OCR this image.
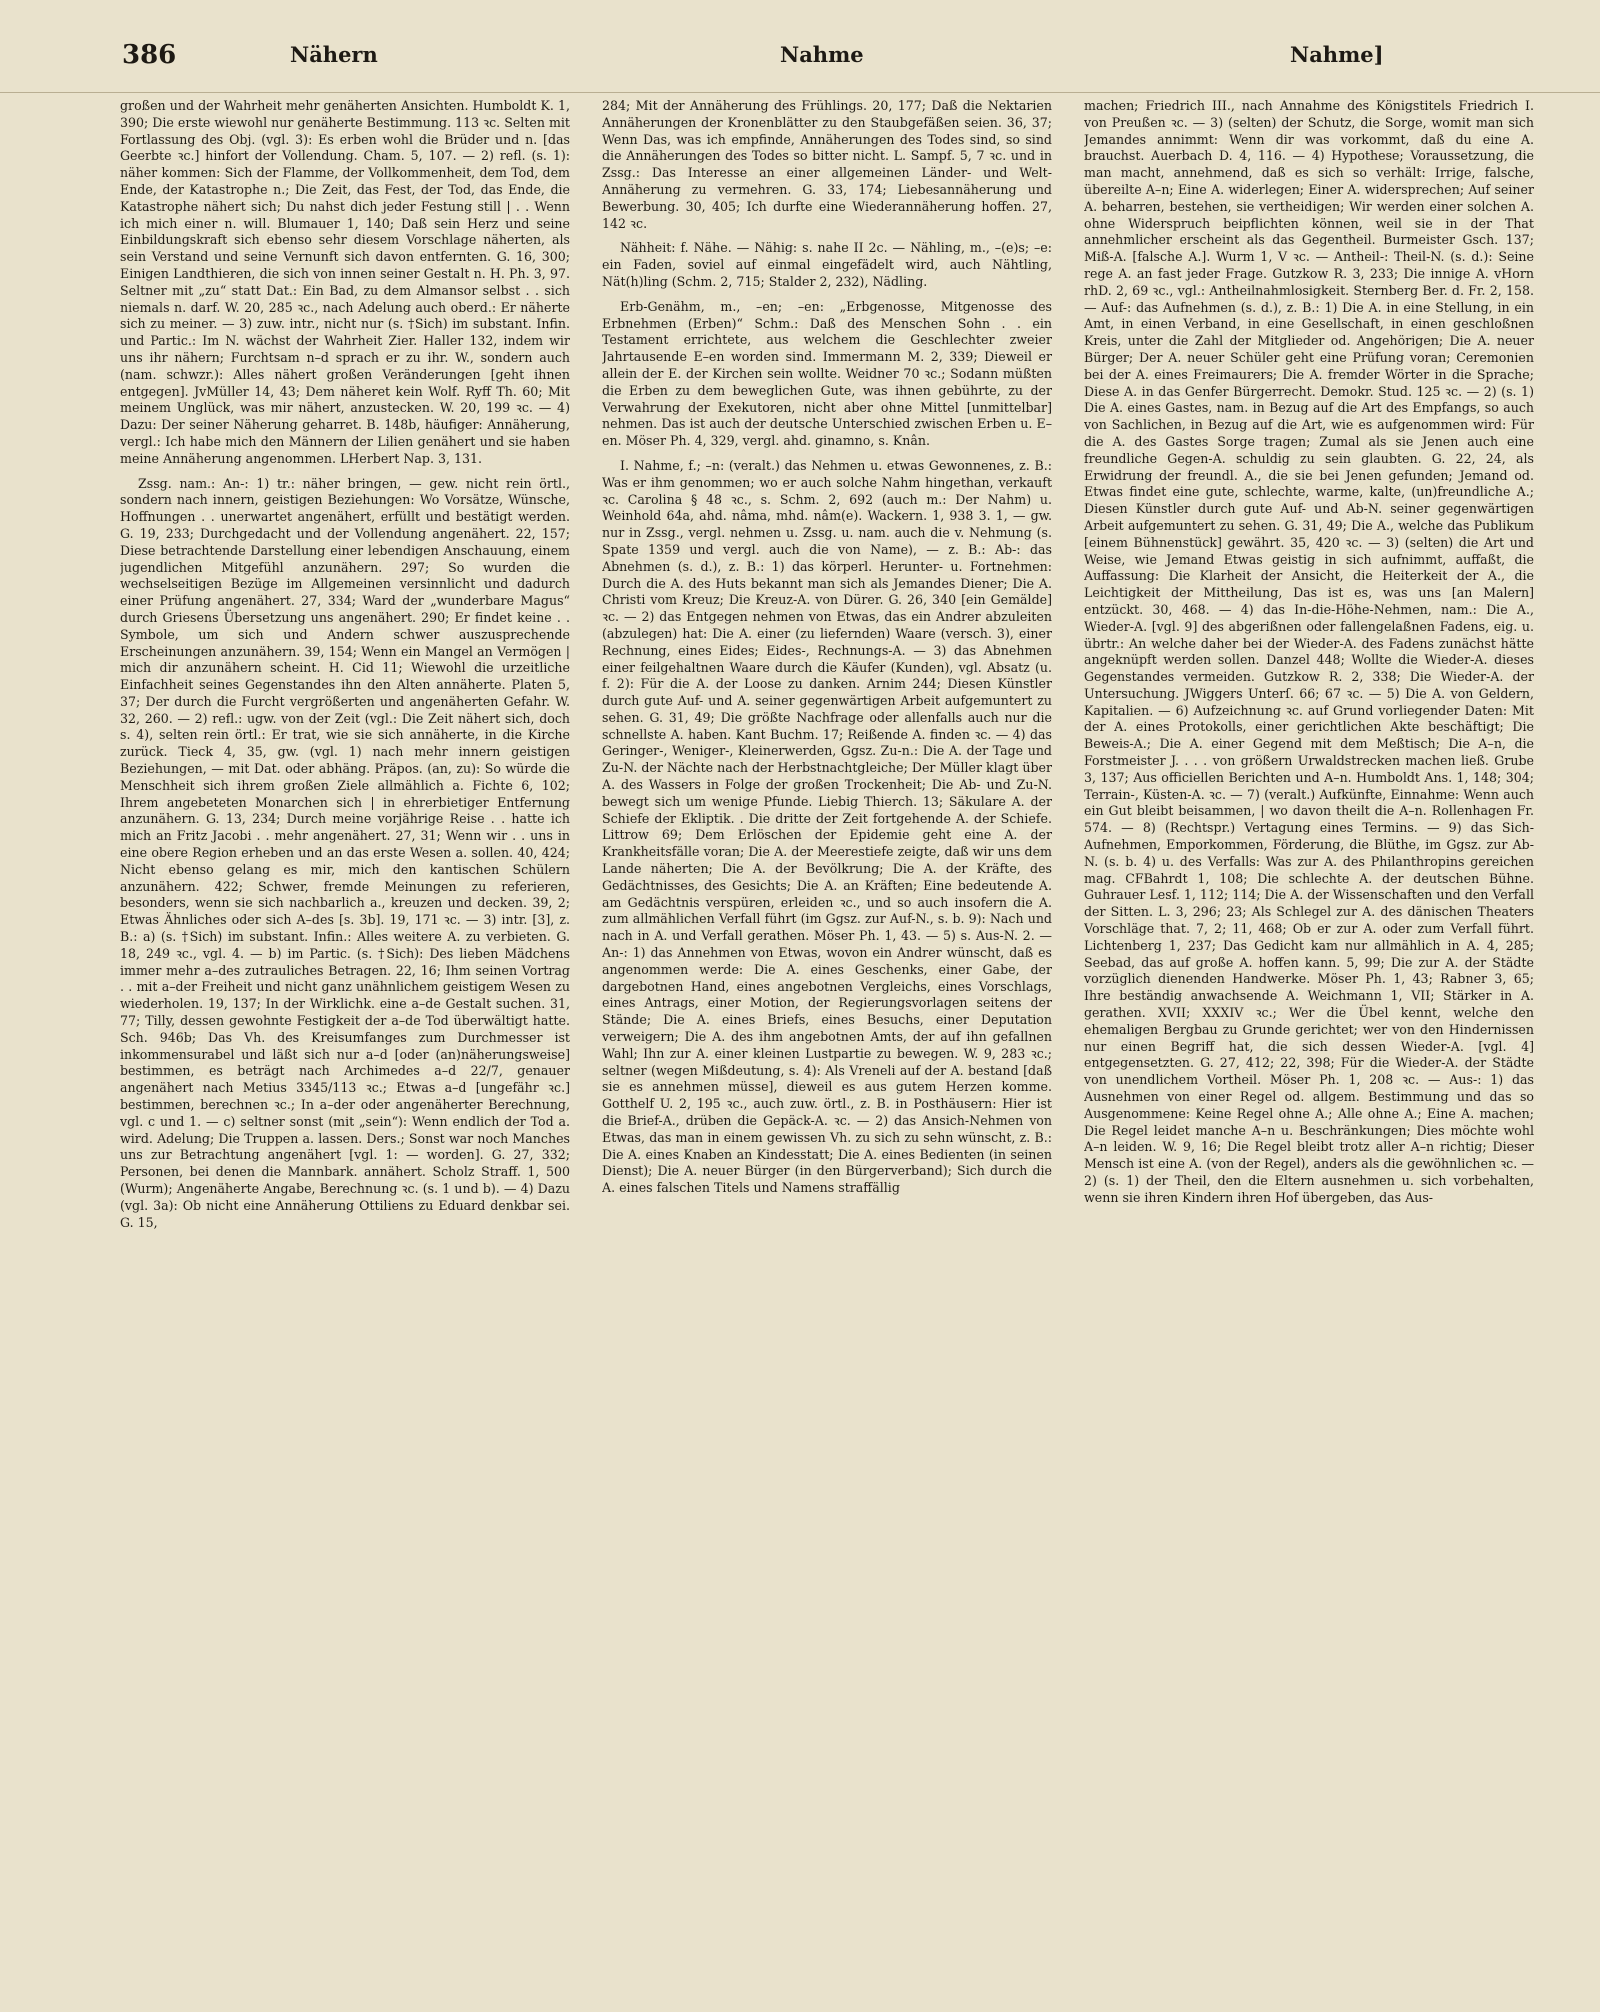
386	Nähern	Nahme	Nahme]

großen und der Wahrheit mehr genäherten Ansichten. Humboldt K. 1, 390; Die erste wiewohl nur genäherte Bestimmung. 113 ꝛc. Selten mit Fortlassung des Obj. (vgl. 3): Es erben wohl die Brüder und n. [das Geerbte ꝛc.] hinfort der Vollendung. Cham. 5, 107. — 2) refl. (s. 1): näher kommen: Sich der Flamme, der Vollkommenheit, dem Tod, dem Ende, der Katastrophe n.; Die Zeit, das Fest, der Tod, das Ende, die Katastrophe nähert sich; Du nahst dich jeder Festung still | . . Wenn ich mich einer n. will. Blumauer 1, 140; Daß sein Herz und seine Einbildungskraft sich ebenso sehr diesem Vorschlage näherten, als sein Verstand und seine Vernunft sich davon entfernten. G. 16, 300; Einigen Landthieren, die sich von innen seiner Gestalt n. H. Ph. 3, 97. Seltner mit „zu“ statt Dat.: Ein Bad, zu dem Almansor selbst . . sich niemals n. darf. W. 20, 285 ꝛc., nach Adelung auch oberd.: Er näherte sich zu meiner. — 3) zuw. intr., nicht nur (s. †Sich) im substant. Infin. und Partic.: Im N. wächst der Wahrheit Zier. Haller 132, indem wir uns ihr nähern; Furchtsam n–d sprach er zu ihr. W., sondern auch (nam. schwzr.): Alles nähert großen Veränderungen [geht ihnen entgegen]. JvMüller 14, 43; Dem näheret kein Wolf. Ryff Th. 60; Mit meinem Unglück, was mir nähert, anzustecken. W. 20, 199 ꝛc. — 4) Dazu: Der seiner Näherung geharret. B. 148b, häufiger: Annäherung, vergl.: Ich habe mich den Männern der Lilien genähert und sie haben meine Annäherung angenommen. LHerbert Nap. 3, 131.

Zssg. nam.: An-: 1) tr.: näher bringen, — gew. nicht rein örtl., sondern nach innern, geistigen Beziehungen: Wo Vorsätze, Wünsche, Hoffnungen . . unerwartet angenähert, erfüllt und bestätigt werden. G. 19, 233; Durchgedacht und der Vollendung angenähert. 22, 157; Diese betrachtende Darstellung einer lebendigen Anschauung, einem jugendlichen Mitgefühl anzunähern. 297; So wurden die wechselseitigen Bezüge im Allgemeinen versinnlicht und dadurch einer Prüfung angenähert. 27, 334; Ward der „wunderbare Magus“ durch Griesens Übersetzung uns angenähert. 290; Er findet keine . . Symbole, um sich und Andern schwer auszusprechende Erscheinungen anzunähern. 39, 154; Wenn ein Mangel an Vermögen | mich dir anzunähern scheint. H. Cid 11; Wiewohl die urzeitliche Einfachheit seines Gegenstandes ihn den Alten annäherte. Platen 5, 37; Der durch die Furcht vergrößerten und angenäherten Gefahr. W. 32, 260. — 2) refl.: ugw. von der Zeit (vgl.: Die Zeit nähert sich, doch s. 4), selten rein örtl.: Er trat, wie sie sich annäherte, in die Kirche zurück. Tieck 4, 35, gw. (vgl. 1) nach mehr innern geistigen Beziehungen, — mit Dat. oder abhäng. Präpos. (an, zu): So würde die Menschheit sich ihrem großen Ziele allmählich a. Fichte 6, 102; Ihrem angebeteten Monarchen sich | in ehrerbietiger Entfernung anzunähern. G. 13, 234; Durch meine vorjährige Reise . . hatte ich mich an Fritz Jacobi . . mehr angenähert. 27, 31; Wenn wir . . uns in eine obere Region erheben und an das erste Wesen a. sollen. 40, 424; Nicht ebenso gelang es mir, mich den kantischen Schülern anzunähern. 422; Schwer, fremde Meinungen zu referieren, besonders, wenn sie sich nachbarlich a., kreuzen und decken. 39, 2; Etwas Ähnliches oder sich A–des [s. 3b]. 19, 171 ꝛc. — 3) intr. [3], z. B.: a) (s. †Sich) im substant. Infin.: Alles weitere A. zu verbieten. G. 18, 249 ꝛc., vgl. 4. — b) im Partic. (s. †Sich): Des lieben Mädchens immer mehr a–des zutrauliches Betragen. 22, 16; Ihm seinen Vortrag . . mit a–der Freiheit und nicht ganz unähnlichem geistigem Wesen zu wiederholen. 19, 137; In der Wirklichk. eine a–de Gestalt suchen. 31, 77; Tilly, dessen gewohnte Festigkeit der a–de Tod überwältigt hatte. Sch. 946b; Das Vh. des Kreisumfanges zum Durchmesser ist inkommensurabel und läßt sich nur a–d [oder (an)näherungsweise] bestimmen, es beträgt nach Archimedes a–d 22/7, genauer angenähert nach Metius 3345/113 ꝛc.; Etwas a–d [ungefähr ꝛc.] bestimmen, berechnen ꝛc.; In a–der oder angenäherter Berechnung, vgl. c und 1. — c) seltner sonst (mit „sein“): Wenn endlich der Tod a. wird. Adelung; Die Truppen a. lassen. Ders.; Sonst war noch Manches uns zur Betrachtung angenähert [vgl. 1: — worden]. G. 27, 332; Personen, bei denen die Mannbark. annähert. Scholz Straff. 1, 500 (Wurm); Angenäherte Angabe, Berechnung ꝛc. (s. 1 und b). — 4) Dazu (vgl. 3a): Ob nicht eine Annäherung Ottiliens zu Eduard denkbar sei. G. 15,

284; Mit der Annäherung des Frühlings. 20, 177; Daß die Nektarien Annäherungen der Kronenblätter zu den Staubgefäßen seien. 36, 37; Wenn Das, was ich empfinde, Annäherungen des Todes sind, so sind die Annäherungen des Todes so bitter nicht. L. Sampf. 5, 7 ꝛc. und in Zssg.: Das Interesse an einer allgemeinen Länder- und Welt-Annäherung zu vermehren. G. 33, 174; Liebesannäherung und Bewerbung. 30, 405; Ich durfte eine Wiederannäherung hoffen. 27, 142 ꝛc.

Nähheit: f. Nähe. — Nähig: s. nahe II 2c. — Nähling, m., –(e)s; –e: ein Faden, soviel auf einmal eingefädelt wird, auch Nähtling, Nät(h)ling (Schm. 2, 715; Stalder 2, 232), Nädling.

Erb-Genähm, m., –en; –en: „Erbgenosse, Mitgenosse des Erbnehmen (Erben)“ Schm.: Daß des Menschen Sohn . . ein Testament errichtete, aus welchem die Geschlechter zweier Jahrtausende E–en worden sind. Immermann M. 2, 339; Dieweil er allein der E. der Kirchen sein wollte. Weidner 70 ꝛc.; Sodann müßten die Erben zu dem beweglichen Gute, was ihnen gebührte, zu der Verwahrung der Exekutoren, nicht aber ohne Mittel [unmittelbar] nehmen. Das ist auch der deutsche Unterschied zwischen Erben u. E–en. Möser Ph. 4, 329, vergl. ahd. ginamno, s. Knân.

I. Nahme, f.; –n: (veralt.) das Nehmen u. etwas Gewonnenes, z. B.: Was er ihm genommen; wo er auch solche Nahm hingethan, verkauft ꝛc. Carolina § 48 ꝛc., s. Schm. 2, 692 (auch m.: Der Nahm) u. Weinhold 64a, ahd. nâma, mhd. nâm(e). Wackern. 1, 938 3. 1, — gw. nur in Zssg., vergl. nehmen u. Zssg. u. nam. auch die v. Nehmung (s. Spate 1359 und vergl. auch die von Name), — z. B.: Ab-: das Abnehmen (s. d.), z. B.: 1) das körperl. Herunter- u. Fortnehmen: Durch die A. des Huts bekannt man sich als Jemandes Diener; Die A. Christi vom Kreuz; Die Kreuz-A. von Dürer. G. 26, 340 [ein Gemälde] ꝛc. — 2) das Entgegen nehmen von Etwas, das ein Andrer abzuleiten (abzulegen) hat: Die A. einer (zu liefernden) Waare (versch. 3), einer Rechnung, eines Eides; Eides-, Rechnungs-A. — 3) das Abnehmen einer feilgehaltnen Waare durch die Käufer (Kunden), vgl. Absatz (u. f. 2): Für die A. der Loose zu danken. Arnim 244; Diesen Künstler durch gute Auf- und A. seiner gegenwärtigen Arbeit aufgemuntert zu sehen. G. 31, 49; Die größte Nachfrage oder allenfalls auch nur die schnellste A. haben. Kant Buchm. 17; Reißende A. finden ꝛc. — 4) das Geringer-, Weniger-, Kleinerwerden, Ggsz. Zu-n.: Die A. der Tage und Zu-N. der Nächte nach der Herbstnachtgleiche; Der Müller klagt über A. des Wassers in Folge der großen Trockenheit; Die Ab- und Zu-N. bewegt sich um wenige Pfunde. Liebig Thierch. 13; Säkulare A. der Schiefe der Ekliptik. . Die dritte der Zeit fortgehende A. der Schiefe. Littrow 69; Dem Erlöschen der Epidemie geht eine A. der Krankheitsfälle voran; Die A. der Meerestiefe zeigte, daß wir uns dem Lande näherten; Die A. der Bevölkrung; Die A. der Kräfte, des Gedächtnisses, des Gesichts; Die A. an Kräften; Eine bedeutende A. am Gedächtnis verspüren, erleiden ꝛc., und so auch insofern die A. zum allmählichen Verfall führt (im Ggsz. zur Auf-N., s. b. 9): Nach und nach in A. und Verfall gerathen. Möser Ph. 1, 43. — 5) s. Aus-N. 2. — An-: 1) das Annehmen von Etwas, wovon ein Andrer wünscht, daß es angenommen werde: Die A. eines Geschenks, einer Gabe, der dargebotnen Hand, eines angebotnen Vergleichs, eines Vorschlags, eines Antrags, einer Motion, der Regierungsvorlagen seitens der Stände; Die A. eines Briefs, eines Besuchs, einer Deputation verweigern; Die A. des ihm angebotnen Amts, der auf ihn gefallnen Wahl; Ihn zur A. einer kleinen Lustpartie zu bewegen. W. 9, 283 ꝛc.; seltner (wegen Mißdeutung, s. 4): Als Vreneli auf der A. bestand [daß sie es annehmen müsse], dieweil es aus gutem Herzen komme. Gotthelf U. 2, 195 ꝛc., auch zuw. örtl., z. B. in Posthäusern: Hier ist die Brief-A., drüben die Gepäck-A. ꝛc. — 2) das Ansich-Nehmen von Etwas, das man in einem gewissen Vh. zu sich zu sehn wünscht, z. B.: Die A. eines Knaben an Kindesstatt; Die A. eines Bedienten (in seinen Dienst); Die A. neuer Bürger (in den Bürgerverband); Sich durch die A. eines falschen Titels und Namens straffällig

machen; Friedrich III., nach Annahme des Königstitels Friedrich I. von Preußen ꝛc. — 3) (selten) der Schutz, die Sorge, womit man sich Jemandes annimmt: Wenn dir was vorkommt, daß du eine A. brauchst. Auerbach D. 4, 116. — 4) Hypothese; Voraussetzung, die man macht, annehmend, daß es sich so verhält: Irrige, falsche, übereilte A–n; Eine A. widerlegen; Einer A. widersprechen; Auf seiner A. beharren, bestehen, sie vertheidigen; Wir werden einer solchen A. ohne Widerspruch beipflichten können, weil sie in der That annehmlicher erscheint als das Gegentheil. Burmeister Gsch. 137; Miß-A. [falsche A.]. Wurm 1, V ꝛc. — Antheil-: Theil-N. (s. d.): Seine rege A. an fast jeder Frage. Gutzkow R. 3, 233; Die innige A. vHorn rhD. 2, 69 ꝛc., vgl.: Antheilnahmlosigkeit. Sternberg Ber. d. Fr. 2, 158. — Auf-: das Aufnehmen (s. d.), z. B.: 1) Die A. in eine Stellung, in ein Amt, in einen Verband, in eine Gesellschaft, in einen geschloßnen Kreis, unter die Zahl der Mitglieder od. Angehörigen; Die A. neuer Bürger; Der A. neuer Schüler geht eine Prüfung voran; Ceremonien bei der A. eines Freimaurers; Die A. fremder Wörter in die Sprache; Diese A. in das Genfer Bürgerrecht. Demokr. Stud. 125 ꝛc. — 2) (s. 1) Die A. eines Gastes, nam. in Bezug auf die Art des Empfangs, so auch von Sachlichen, in Bezug auf die Art, wie es aufgenommen wird: Für die A. des Gastes Sorge tragen; Zumal als sie Jenen auch eine freundliche Gegen-A. schuldig zu sein glaubten. G. 22, 24, als Erwidrung der freundl. A., die sie bei Jenen gefunden; Jemand od. Etwas findet eine gute, schlechte, warme, kalte, (un)freundliche A.; Diesen Künstler durch gute Auf- und Ab-N. seiner gegenwärtigen Arbeit aufgemuntert zu sehen. G. 31, 49; Die A., welche das Publikum [einem Bühnenstück] gewährt. 35, 420 ꝛc. — 3) (selten) die Art und Weise, wie Jemand Etwas geistig in sich aufnimmt, auffaßt, die Auffassung: Die Klarheit der Ansicht, die Heiterkeit der A., die Leichtigkeit der Mittheilung, Das ist es, was uns [an Malern] entzückt. 30, 468. — 4) das In-die-Höhe-Nehmen, nam.: Die A., Wieder-A. [vgl. 9] des abgerißnen oder fallengelaßnen Fadens, eig. u. übrtr.: An welche daher bei der Wieder-A. des Fadens zunächst hätte angeknüpft werden sollen. Danzel 448; Wollte die Wieder-A. dieses Gegenstandes vermeiden. Gutzkow R. 2, 338; Die Wieder-A. der Untersuchung. JWiggers Unterſ. 66; 67 ꝛc. — 5) Die A. von Geldern, Kapitalien. — 6) Aufzeichnung ꝛc. auf Grund vorliegender Daten: Mit der A. eines Protokolls, einer gerichtlichen Akte beschäftigt; Die Beweis-A.; Die A. einer Gegend mit dem Meßtisch; Die A–n, die Forstmeister J. . . . von größern Urwaldstrecken machen ließ. Grube 3, 137; Aus officiellen Berichten und A–n. Humboldt Ans. 1, 148; 304; Terrain-, Küsten-A. ꝛc. — 7) (veralt.) Aufkünfte, Einnahme: Wenn auch ein Gut bleibt beisammen, | wo davon theilt die A–n. Rollenhagen Fr. 574. — 8) (Rechtspr.) Vertagung eines Termins. — 9) das Sich-Aufnehmen, Emporkommen, Förderung, die Blüthe, im Ggsz. zur Ab-N. (s. b. 4) u. des Verfalls: Was zur A. des Philanthropins gereichen mag. CFBahrdt 1, 108; Die schlechte A. der deutschen Bühne. Guhrauer Lesf. 1, 112; 114; Die A. der Wissenschaften und den Verfall der Sitten. L. 3, 296; 23; Als Schlegel zur A. des dänischen Theaters Vorschläge that. 7, 2; 11, 468; Ob er zur A. oder zum Verfall führt. Lichtenberg 1, 237; Das Gedicht kam nur allmählich in A. 4, 285; Seebad, das auf große A. hoffen kann. 5, 99; Die zur A. der Städte vorzüglich dienenden Handwerke. Möser Ph. 1, 43; Rabner 3, 65; Ihre beständig anwachsende A. Weichmann 1, VII; Stärker in A. gerathen. XVII; XXXIV ꝛc.; Wer die Übel kennt, welche den ehemaligen Bergbau zu Grunde gerichtet; wer von den Hindernissen nur einen Begriff hat, die sich dessen Wieder-A. [vgl. 4] entgegensetzten. G. 27, 412; 22, 398; Für die Wieder-A. der Städte von unendlichem Vortheil. Möser Ph. 1, 208 ꝛc. — Aus-: 1) das Ausnehmen von einer Regel od. allgem. Bestimmung und das so Ausgenommene: Keine Regel ohne A.; Alle ohne A.; Eine A. machen; Die Regel leidet manche A–n u. Beschränkungen; Dies möchte wohl A–n leiden. W. 9, 16; Die Regel bleibt trotz aller A–n richtig; Dieser Mensch ist eine A. (von der Regel), anders als die gewöhnlichen ꝛc. — 2) (s. 1) der Theil, den die Eltern ausnehmen u. sich vorbehalten, wenn sie ihren Kindern ihren Hof übergeben, das Aus-
